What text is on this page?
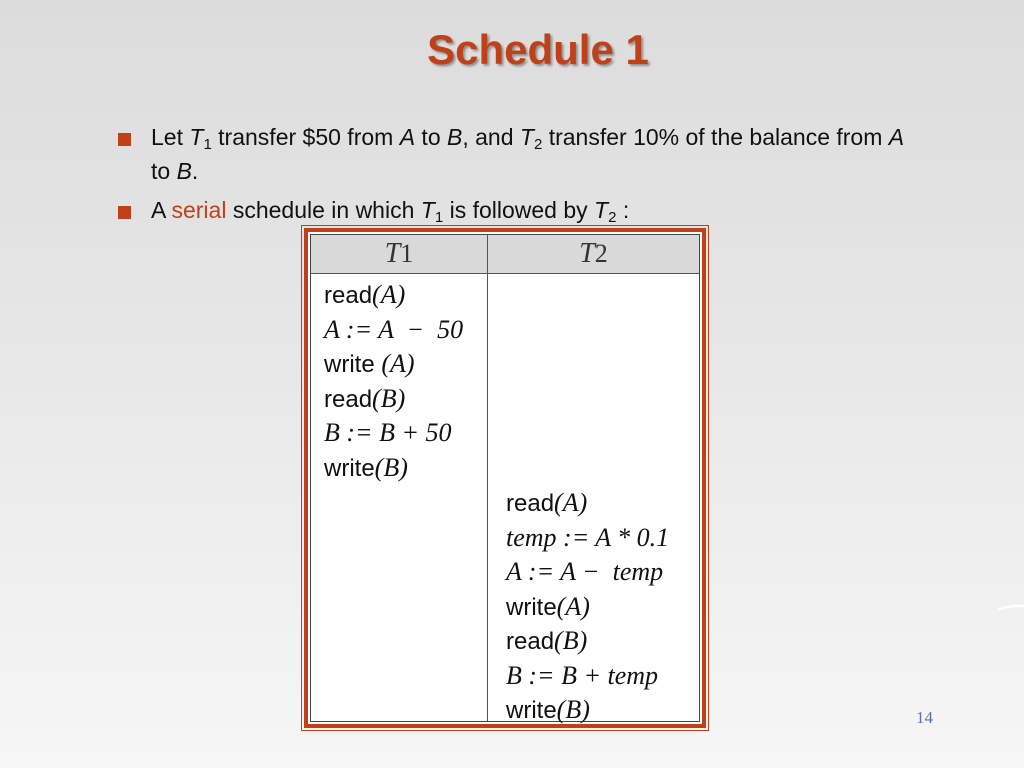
Schedule 1
Let $T_1$ transfer $50 from A to B, and $T_2$ transfer 10% of the balance from A to B.
A serial schedule in which $T_1$ is followed by $T_2$ :
T1	T2
read(A)
A := A  −  50
write (A)
read(B)
B := B + 50
write(B)
read(A)
temp := A * 0.1
A := A −  temp
write(A)
read(B)
B := B + temp
write(B)	14
